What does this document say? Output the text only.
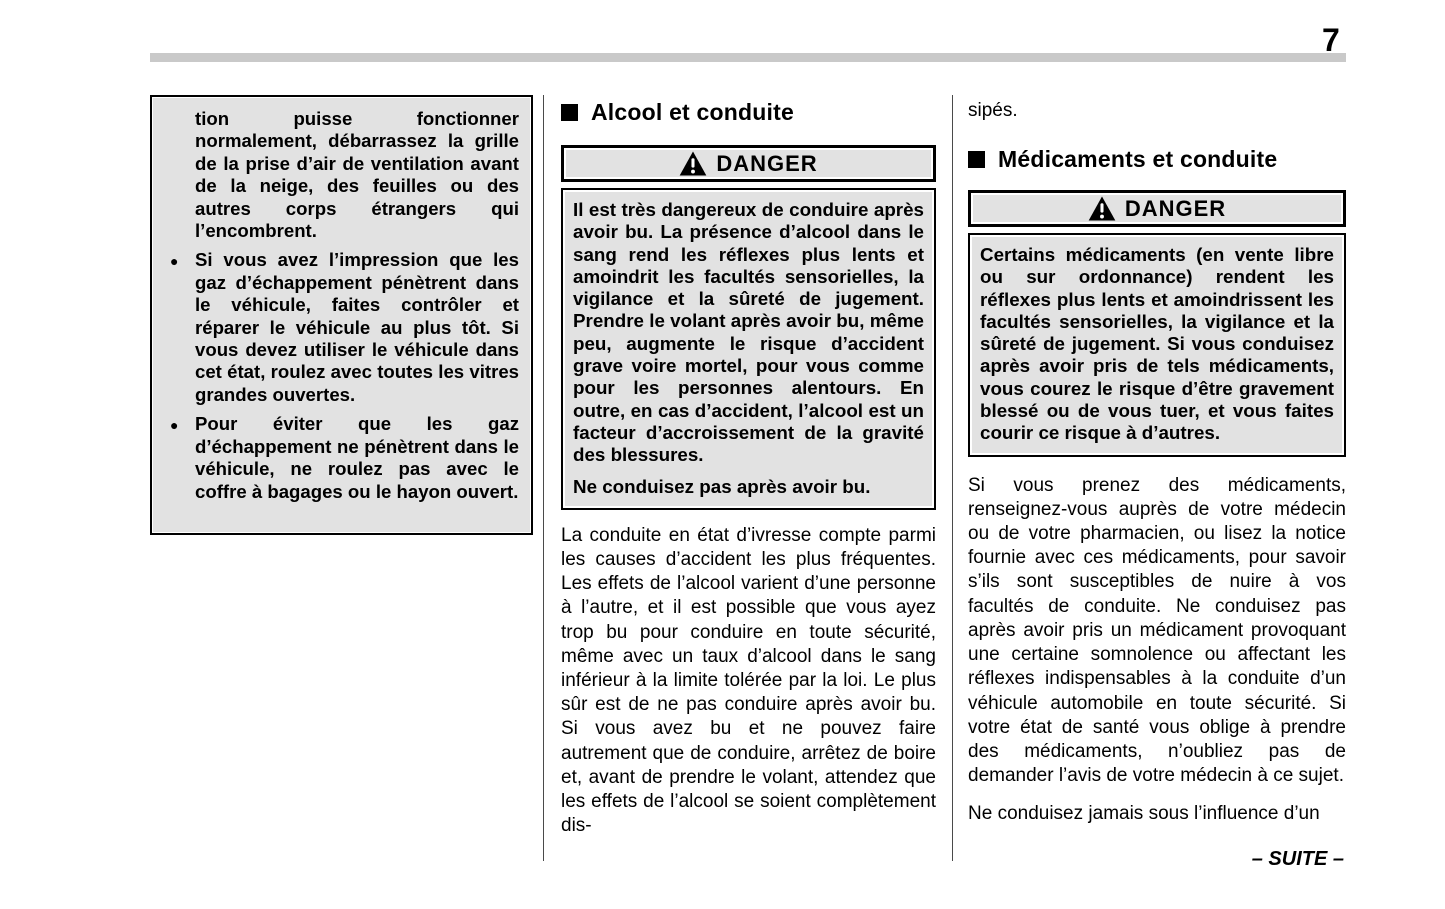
7
tion puisse fonctionner normalement, débarrassez la grille de la prise d’air de ventilation avant de la neige, des feuilles ou des autres corps étrangers qui l’encombrent.
●
Si vous avez l’impression que les gaz d’échappement pénètrent dans le véhicule, faites contrôler et réparer le véhicule au plus tôt. Si vous devez utiliser le véhicule dans cet état, roulez avec toutes les vitres grandes ouvertes.
●
Pour éviter que les gaz d’échappement ne pénètrent dans le véhicule, ne roulez pas avec le coffre à bagages ou le hayon ouvert.
Alcool et conduite
DANGER

Il est très dangereux de conduire après avoir bu. La présence d’alcool dans le sang rend les réflexes plus lents et amoindrit les facultés sensorielles, la vigilance et la sûreté de jugement. Prendre le volant après avoir bu, même peu, augmente le risque d’accident grave voire mortel, pour vous comme pour les personnes alentours. En outre, en cas d’accident, l’alcool est un facteur d’accroissement de la gravité des blessures.

Ne conduisez pas après avoir bu.

La conduite en état d’ivresse compte parmi les causes d’accident les plus fréquentes. Les effets de l’alcool varient d’une personne à l’autre, et il est possible que vous ayez trop bu pour conduire en toute sécurité, même avec un taux d’alcool dans le sang inférieur à la limite tolérée par la loi. Le plus sûr est de ne pas conduire après avoir bu. Si vous avez bu et ne pouvez faire autrement que de conduire, arrêtez de boire et, avant de prendre le volant, attendez que les effets de l’alcool se soient complètement dis-

sipés.

Médicaments et conduite
DANGER

Certains médicaments (en vente libre ou sur ordonnance) rendent les réflexes plus lents et amoindrissent les facultés sensorielles, la vigilance et la sûreté de jugement. Si vous conduisez après avoir pris de tels médicaments, vous courez le risque d’être gravement blessé ou de vous tuer, et vous faites courir ce risque à d’autres.

Si vous prenez des médicaments, renseignez-vous auprès de votre médecin ou de votre pharmacien, ou lisez la notice fournie avec ces médicaments, pour savoir s’ils sont susceptibles de nuire à vos facultés de conduite. Ne conduisez pas après avoir pris un médicament provoquant une certaine somnolence ou affectant les réflexes indispensables à la conduite d’un véhicule automobile en toute sécurité. Si votre état de santé vous oblige à prendre des médicaments, n’oubliez pas de demander l’avis de votre médecin à ce sujet.

Ne conduisez jamais sous l’influence d’un

– SUITE –
